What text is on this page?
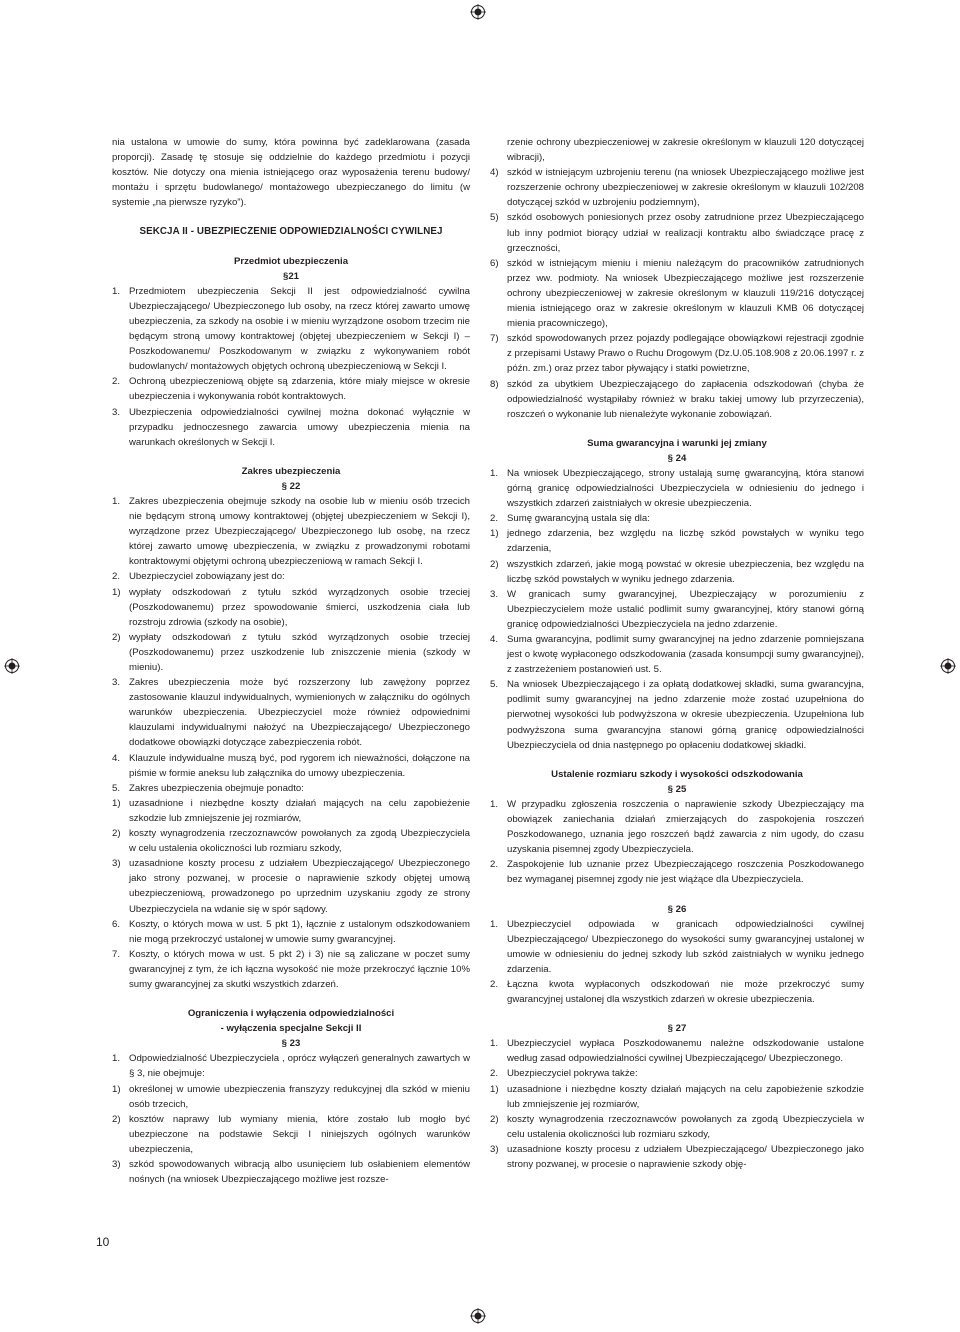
nia ustalona w umowie do sumy, która powinna być zadeklarowana (zasada proporcji). Zasadę tę stosuje się oddzielnie do każdego przedmiotu i pozycji kosztów. Nie dotyczy ona mienia istniejącego oraz wyposażenia terenu budowy/ montażu i sprzętu budowlanego/ montażowego ubezpieczanego do limitu (w systemie „na pierwsze ryzyko”).

SEKCJA II - UBEZPIECZENIE ODPOWIEDZIALNOŚCI CYWILNEJ

Przedmiot ubezpieczenia

§21

1. Przedmiotem ubezpieczenia Sekcji II jest odpowiedzialność cywilna Ubezpieczającego/ Ubezpieczonego lub osoby, na rzecz której zawarto umowę ubezpieczenia, za szkody na osobie i w mieniu wyrządzone osobom trzecim nie będącym stroną umowy kontraktowej (objętej ubezpieczeniem w Sekcji I) – Poszkodowanemu/ Poszkodowanym w związku z wykonywaniem robót budowlanych/ montażowych objętych ochroną ubezpieczeniową w Sekcji I.
2. Ochroną ubezpieczeniową objęte są zdarzenia, które miały miejsce w okresie ubezpieczenia i wykonywania robót kontraktowych.
3. Ubezpieczenia odpowiedzialności cywilnej można dokonać wyłącznie w przypadku jednoczesnego zawarcia umowy ubezpieczenia mienia na warunkach określonych w Sekcji I.

Zakres ubezpieczenia

§ 22

1. Zakres ubezpieczenia obejmuje szkody na osobie lub w mieniu osób trzecich nie będącym stroną umowy kontraktowej (objętej ubezpieczeniem w Sekcji I), wyrządzone przez Ubezpieczającego/ Ubezpieczonego lub osobę, na rzecz której zawarto umowę ubezpieczenia, w związku z prowadzonymi robotami kontraktowymi objętymi ochroną ubezpieczeniową w ramach Sekcji I.
2. Ubezpieczyciel zobowiązany jest do:
1) wypłaty odszkodowań z tytułu szkód wyrządzonych osobie trzeciej (Poszkodowanemu) przez spowodowanie śmierci, uszkodzenia ciała lub rozstroju zdrowia (szkody na osobie),
2) wypłaty odszkodowań z tytułu szkód wyrządzonych osobie trzeciej (Poszkodowanemu) przez uszkodzenie lub zniszczenie mienia (szkody w mieniu).
3. Zakres ubezpieczenia może być rozszerzony lub zawężony poprzez zastosowanie klauzul indywidualnych, wymienionych w załączniku do ogólnych warunków ubezpieczenia. Ubezpieczyciel może również odpowiednimi klauzulami indywidualnymi nałożyć na Ubezpieczającego/ Ubezpieczonego dodatkowe obowiązki dotyczące zabezpieczenia robót.
4. Klauzule indywidualne muszą być, pod rygorem ich nieważności, dołączone na piśmie w formie aneksu lub załącznika do umowy ubezpieczenia.
5. Zakres ubezpieczenia obejmuje ponadto:
1) uzasadnione i niezbędne koszty działań mających na celu zapobieżenie szkodzie lub zmniejszenie jej rozmiarów,
2) koszty wynagrodzenia rzeczoznawców powołanych za zgodą Ubezpieczyciela w celu ustalenia okoliczności lub rozmiaru szkody,
3) uzasadnione koszty procesu z udziałem Ubezpieczającego/ Ubezpieczonego jako strony pozwanej, w procesie o naprawienie szkody objętej umową ubezpieczeniową, prowadzonego po uprzednim uzyskaniu zgody ze strony Ubezpieczyciela na wdanie się w spór sądowy.
6. Koszty, o których mowa w ust. 5 pkt 1), łącznie z ustalonym odszkodowaniem nie mogą przekroczyć ustalonej w umowie sumy gwarancyjnej.
7. Koszty, o których mowa w ust. 5 pkt 2) i 3) nie są zaliczane w poczet sumy gwarancyjnej z tym, że ich łączna wysokość nie może przekroczyć łącznie 10% sumy gwarancyjnej za skutki wszystkich zdarzeń.

Ograniczenia i wyłączenia odpowiedzialności

- wyłączenia specjalne Sekcji II

§ 23

1. Odpowiedzialność Ubezpieczyciela , oprócz wyłączeń generalnych zawartych w § 3, nie obejmuje:
1) określonej w umowie ubezpieczenia franszyzy redukcyjnej dla szkód w mieniu osób trzecich,
2) kosztów naprawy lub wymiany mienia, które zostało lub mogło być ubezpieczone na podstawie Sekcji I niniejszych ogólnych warunków ubezpieczenia,
3) szkód spowodowanych wibracją albo usunięciem lub osłabieniem elementów nośnych (na wniosek Ubezpieczającego możliwe jest rozsze-
rzenie ochrony ubezpieczeniowej w zakresie określonym w klauzuli 120 dotyczącej wibracji),
4) szkód w istniejącym uzbrojeniu terenu (na wniosek Ubezpieczającego możliwe jest rozszerzenie ochrony ubezpieczeniowej w zakresie określonym w klauzuli 102/208 dotyczącej szkód w uzbrojeniu podziemnym),
5) szkód osobowych poniesionych przez osoby zatrudnione przez Ubezpieczającego lub inny podmiot biorący udział w realizacji kontraktu albo świadczące pracę z grzeczności,
6) szkód w istniejącym mieniu i mieniu należącym do pracowników zatrudnionych przez ww. podmioty. Na wniosek Ubezpieczającego możliwe jest rozszerzenie ochrony ubezpieczeniowej w zakresie określonym w klauzuli 119/216 dotyczącej mienia istniejącego oraz w zakresie określonym w klauzuli KMB 06 dotyczącej mienia pracowniczego),
7) szkód spowodowanych przez pojazdy podlegające obowiązkowi rejestracji zgodnie z przepisami Ustawy Prawo o Ruchu Drogowym (Dz.U.05.108.908 z 20.06.1997 r. z późn. zm.) oraz przez tabor pływający i statki powietrzne,
8) szkód za ubytkiem Ubezpieczającego do zapłacenia odszkodowań (chyba że odpowiedzialność wystąpiłaby również w braku takiej umowy lub przyrzeczenia), roszczeń o wykonanie lub nienależyte wykonanie zobowiązań.

Suma gwarancyjna i warunki jej zmiany

§ 24

1. Na wniosek Ubezpieczającego, strony ustalają sumę gwarancyjną, która stanowi górną granicę odpowiedzialności Ubezpieczyciela w odniesieniu do jednego i wszystkich zdarzeń zaistniałych w okresie ubezpieczenia.
2. Sumę gwarancyjną ustala się dla:
1) jednego zdarzenia, bez względu na liczbę szkód powstałych w wyniku tego zdarzenia,
2) wszystkich zdarzeń, jakie mogą powstać w okresie ubezpieczenia, bez względu na liczbę szkód powstałych w wyniku jednego zdarzenia.
3. W granicach sumy gwarancyjnej, Ubezpieczający w porozumieniu z Ubezpieczycielem może ustalić podlimit sumy gwarancyjnej, który stanowi górną granicę odpowiedzialności Ubezpieczyciela na jedno zdarzenie.
4. Suma gwarancyjna, podlimit sumy gwarancyjnej na jedno zdarzenie pomniejszana jest o kwotę wypłaconego odszkodowania (zasada konsumpcji sumy gwarancyjnej), z zastrzeżeniem postanowień ust. 5.
5. Na wniosek Ubezpieczającego i za opłatą dodatkowej składki, suma gwarancyjna, podlimit sumy gwarancyjnej na jedno zdarzenie może zostać uzupełniona do pierwotnej wysokości lub podwyższona w okresie ubezpieczenia. Uzupełniona lub podwyższona suma gwarancyjna stanowi górną granicę odpowiedzialności Ubezpieczyciela od dnia następnego po opłaceniu dodatkowej składki.

Ustalenie rozmiaru szkody i wysokości odszkodowania

§ 25

1. W przypadku zgłoszenia roszczenia o naprawienie szkody Ubezpieczający ma obowiązek zaniechania działań zmierzających do zaspokojenia roszczeń Poszkodowanego, uznania jego roszczeń bądź zawarcia z nim ugody, do czasu uzyskania pisemnej zgody Ubezpieczyciela.
2. Zaspokojenie lub uznanie przez Ubezpieczającego roszczenia Poszkodowanego bez wymaganej pisemnej zgody nie jest wiążące dla Ubezpieczyciela.

§ 26

1. Ubezpieczyciel odpowiada w granicach odpowiedzialności cywilnej Ubezpieczającego/ Ubezpieczonego do wysokości sumy gwarancyjnej ustalonej w umowie w odniesieniu do jednej szkody lub szkód zaistniałych w wyniku jednego zdarzenia.
2. Łączna kwota wypłaconych odszkodowań nie może przekroczyć sumy gwarancyjnej ustalonej dla wszystkich zdarzeń w okresie ubezpieczenia.

§ 27

1. Ubezpieczyciel wypłaca Poszkodowanemu należne odszkodowanie ustalone według zasad odpowiedzialności cywilnej Ubezpieczającego/ Ubezpieczonego.
2. Ubezpieczyciel pokrywa także:
1) uzasadnione i niezbędne koszty działań mających na celu zapobieżenie szkodzie lub zmniejszenie jej rozmiarów,
2) koszty wynagrodzenia rzeczoznawców powołanych za zgodą Ubezpieczyciela w celu ustalenia okoliczności lub rozmiaru szkody,
3) uzasadnione koszty procesu z udziałem Ubezpieczającego/ Ubezpieczonego jako strony pozwanej, w procesie o naprawienie szkody obję-
10
